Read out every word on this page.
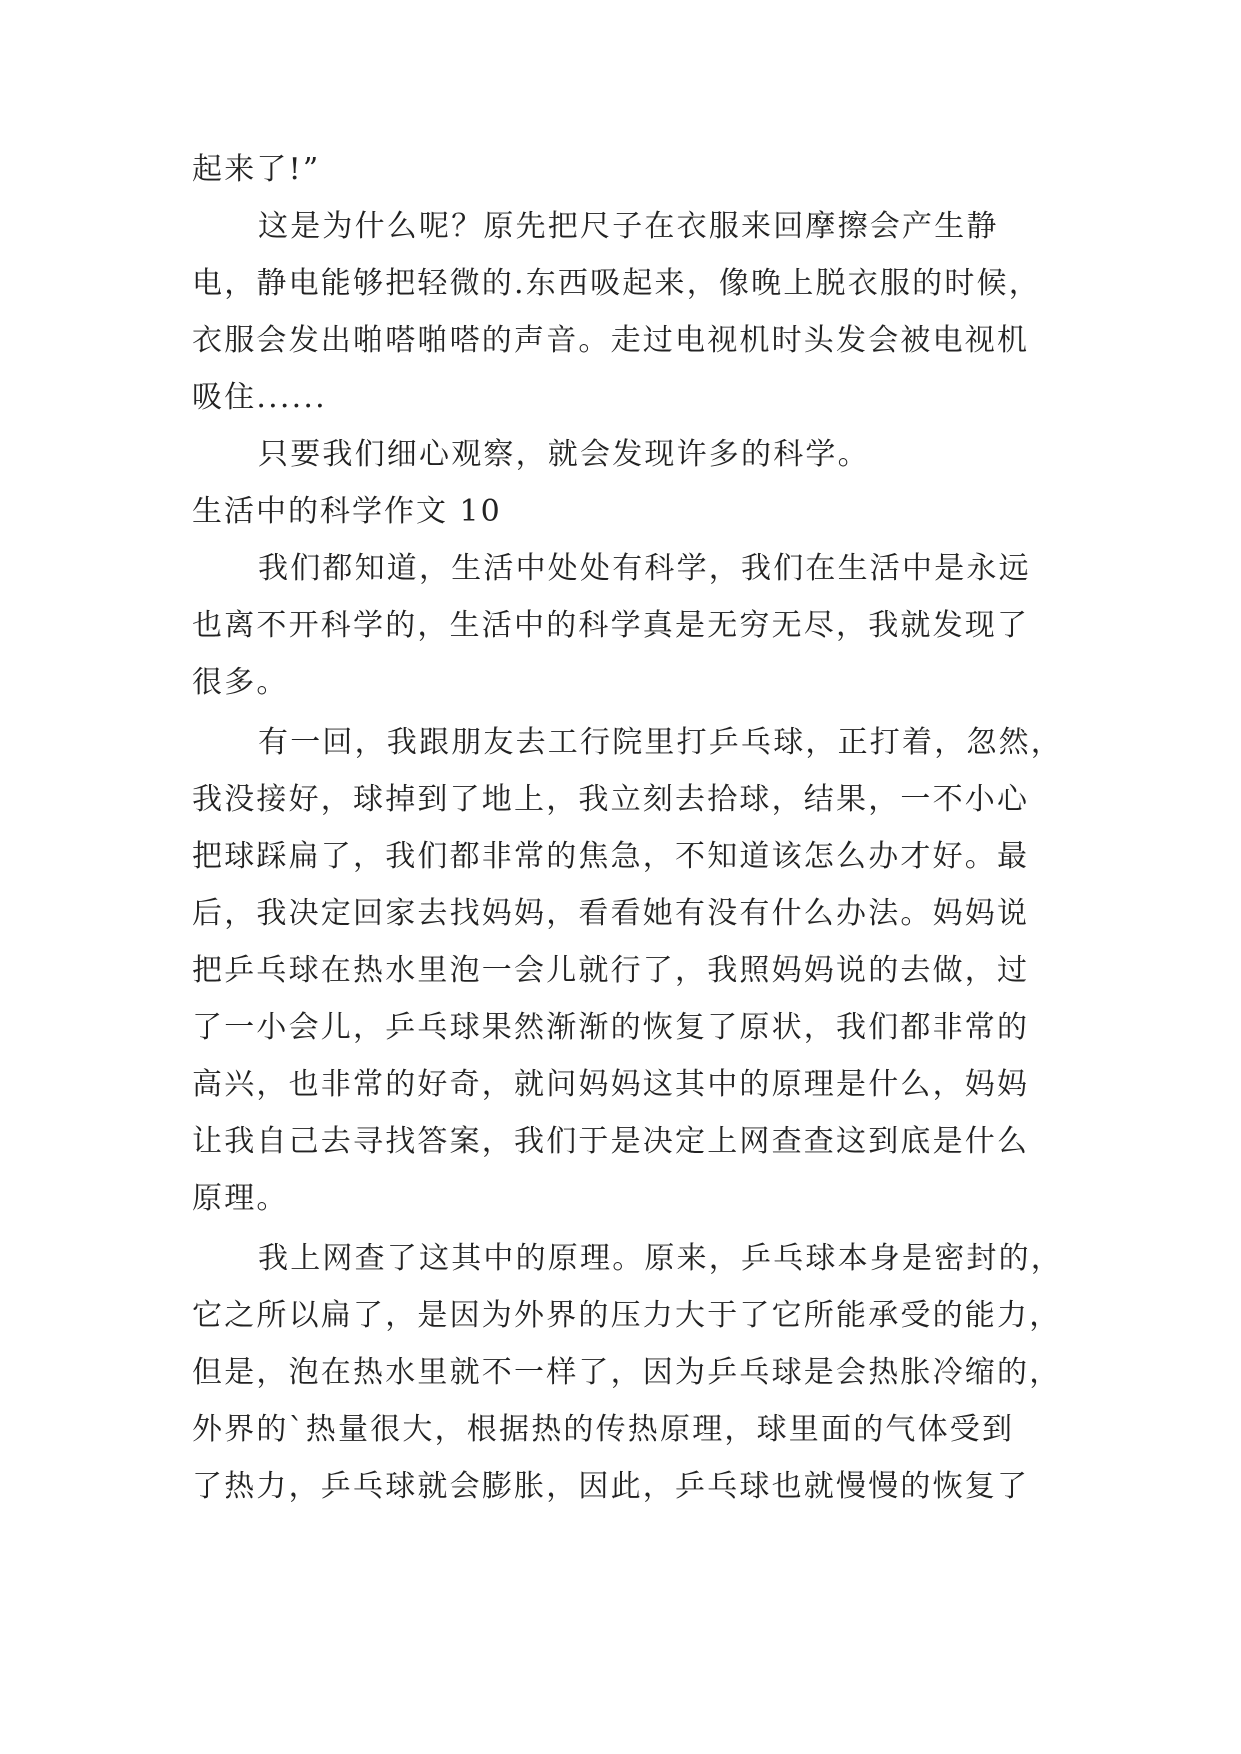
起来了!”
这是为什么呢？原先把尺子在衣服来回摩擦会产生静
电，静电能够把轻微的.东西吸起来，像晚上脱衣服的时候，
衣服会发出啪嗒啪嗒的声音。走过电视机时头发会被电视机
吸住......
只要我们细心观察，就会发现许多的科学。
生活中的科学作文 10
我们都知道，生活中处处有科学，我们在生活中是永远
也离不开科学的，生活中的科学真是无穷无尽，我就发现了
很多。
有一回，我跟朋友去工行院里打乒乓球，正打着，忽然，
我没接好，球掉到了地上，我立刻去拾球，结果，一不小心
把球踩扁了，我们都非常的焦急，不知道该怎么办才好。最
后，我决定回家去找妈妈，看看她有没有什么办法。妈妈说
把乒乓球在热水里泡一会儿就行了，我照妈妈说的去做，过
了一小会儿，乒乓球果然渐渐的恢复了原状，我们都非常的
高兴，也非常的好奇，就问妈妈这其中的原理是什么，妈妈
让我自己去寻找答案，我们于是决定上网查查这到底是什么
原理。
我上网查了这其中的原理。原来，乒乓球本身是密封的，
它之所以扁了，是因为外界的压力大于了它所能承受的能力，
但是，泡在热水里就不一样了，因为乒乓球是会热胀冷缩的，
外界的`热量很大，根据热的传热原理，球里面的气体受到
了热力，乒乓球就会膨胀，因此，乒乓球也就慢慢的恢复了
